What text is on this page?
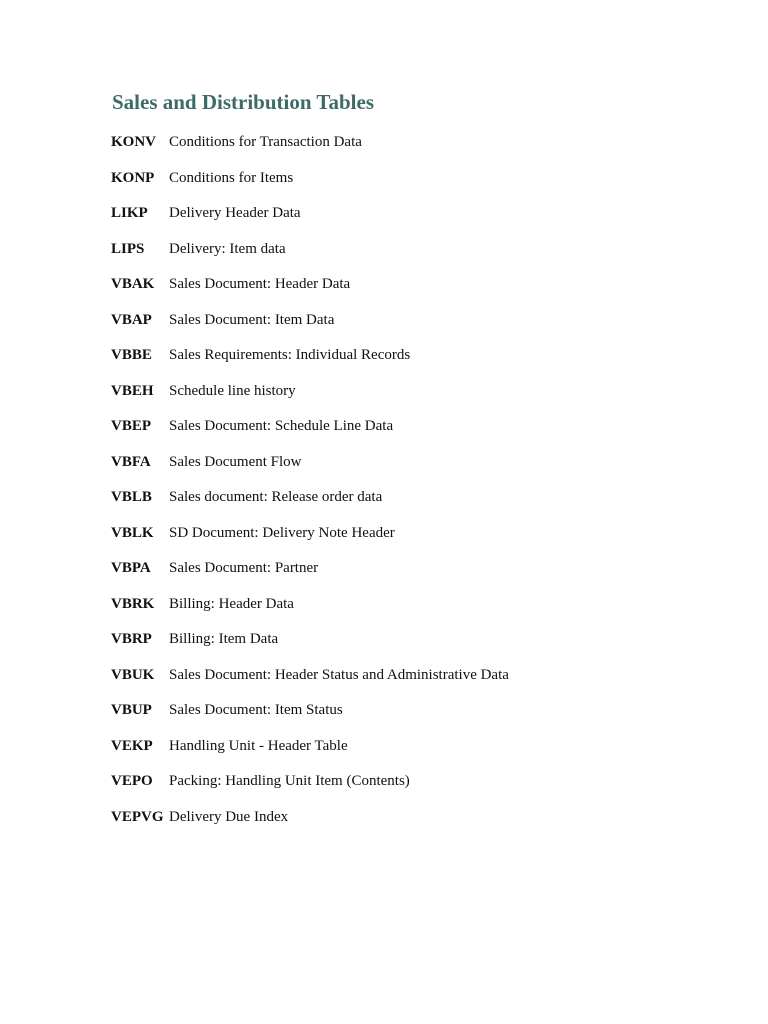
Sales and Distribution Tables
KONV Conditions for Transaction Data
KONP Conditions for Items
LIKP	Delivery Header Data
LIPS	Delivery: Item data
VBAK Sales Document: Header Data
VBAP	Sales Document: Item Data
VBBE	Sales Requirements: Individual Records
VBEH	Schedule line history
VBEP	Sales Document: Schedule Line Data
VBFA	Sales Document Flow
VBLB	Sales document: Release order data
VBLK	SD Document: Delivery Note Header
VBPA	Sales Document: Partner
VBRK Billing: Header Data
VBRP	Billing: Item Data
VBUK Sales Document: Header Status and Administrative Data
VBUP	Sales Document: Item Status
VEKP	Handling Unit - Header Table
VEPO	Packing: Handling Unit Item (Contents)
VEPVG Delivery Due Index
